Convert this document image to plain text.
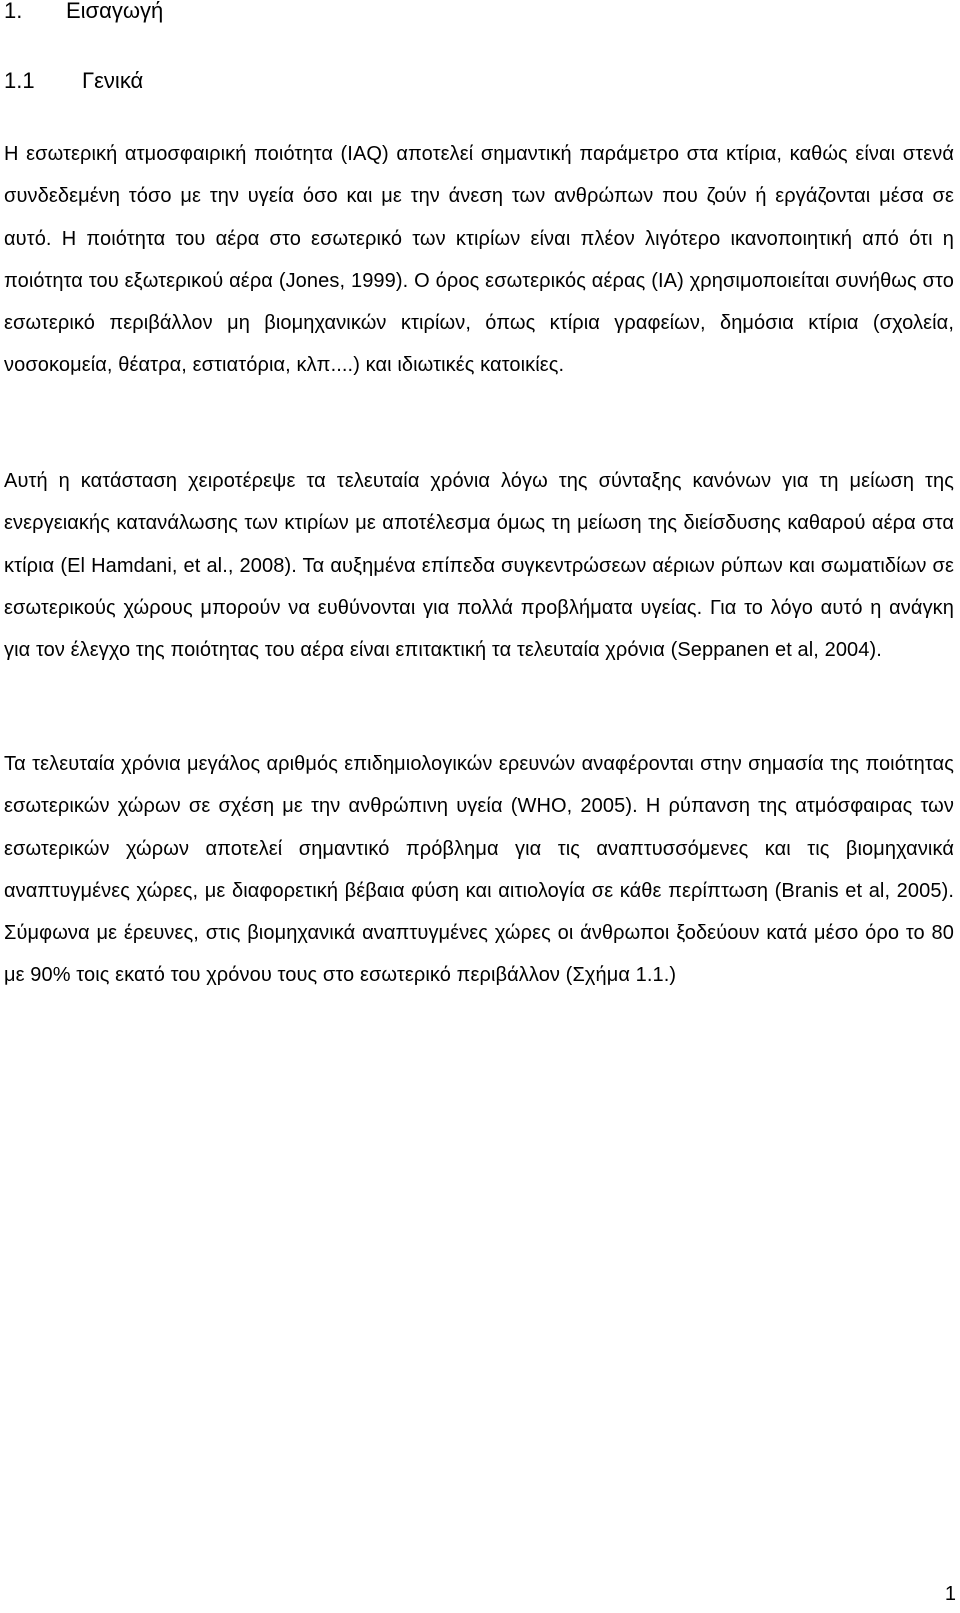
1.	Εισαγωγή
1.1	Γενικά

Η εσωτερική ατμοσφαιρική ποιότητα (IAQ) αποτελεί σημαντική παράμετρο στα κτίρια, καθώς είναι στενά συνδεδεμένη τόσο με την υγεία όσο και με την άνεση των ανθρώπων που ζούν ή εργάζονται μέσα σε αυτό. Η ποιότητα του αέρα στο εσωτερικό των κτιρίων είναι πλέον λιγότερο ικανοποιητική από ότι η ποιότητα του εξωτερικού αέρα (Jones, 1999). Ο όρος εσωτερικός αέρας (IA) χρησιμοποιείται συνήθως στο εσωτερικό περιβάλλον μη βιομηχανικών κτιρίων, όπως κτίρια γραφείων, δημόσια κτίρια (σχολεία, νοσοκομεία, θέατρα, εστιατόρια, κλπ....) και ιδιωτικές κατοικίες.

Αυτή η κατάσταση χειροτέρεψε τα τελευταία χρόνια λόγω της σύνταξης κανόνων για τη μείωση της ενεργειακής κατανάλωσης των κτιρίων με αποτέλεσμα όμως τη μείωση της διείσδυσης καθαρού αέρα στα κτίρια (El Hamdani, et al., 2008). Τα αυξημένα επίπεδα συγκεντρώσεων αέριων ρύπων και σωματιδίων σε εσωτερικούς χώρους μπορούν να ευθύνονται για πολλά προβλήματα υγείας. Για το λόγο αυτό η ανάγκη για τον έλεγχο της ποιότητας του αέρα είναι επιτακτική τα τελευταία χρόνια (Seppanen et al, 2004).

Τα τελευταία χρόνια μεγάλος αριθμός επιδημιολογικών ερευνών αναφέρονται στην σημασία της ποιότητας εσωτερικών χώρων σε σχέση με την ανθρώπινη υγεία (WHO, 2005). Η ρύπανση της ατμόσφαιρας των εσωτερικών χώρων αποτελεί σημαντικό πρόβλημα για τις αναπτυσσόμενες και τις βιομηχανικά αναπτυγμένες χώρες, με διαφορετική βέβαια φύση και αιτιολογία σε κάθε περίπτωση (Branis et al, 2005). Σύμφωνα με έρευνες, στις βιομηχανικά αναπτυγμένες χώρες οι άνθρωποι ξοδεύουν κατά μέσο όρο το 80 με 90% τοις εκατό του χρόνου τους στο εσωτερικό περιβάλλον (Σχήμα 1.1.)

1
